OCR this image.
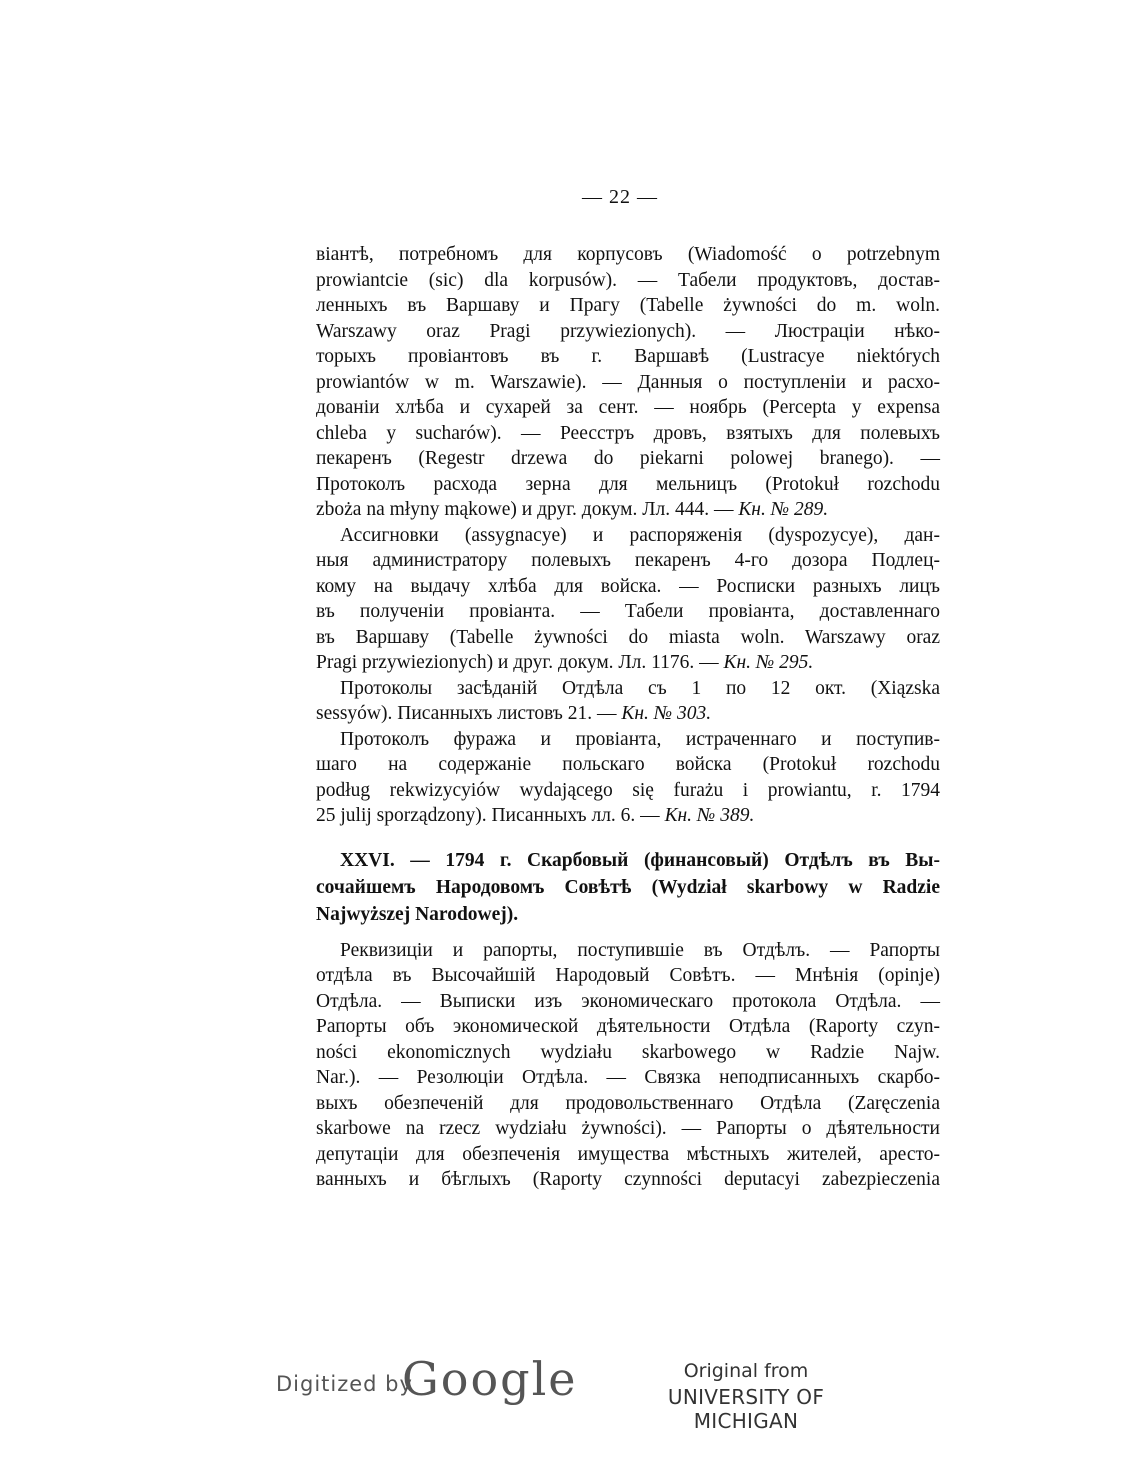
— 22 —
віантѣ, потребномъ для корпусовъ (Wiadomość o potrzebnym
prowiantcie (sic) dla korpusów). — Табели продуктовъ, достав-
ленныхъ въ Варшаву и Прагу (Tabelle żywności do m. woln.
Warszawy oraz Pragi przywiezionych). — Люстраціи нѣко-
торыхъ провіантовъ въ г. Варшавѣ (Lustracye niektórych
prowiantów w m. Warszawie). — Данныя о поступленіи и расхо-
дованіи хлѣба и сухарей за сент. — ноябрь (Percepta y expensa
chleba y sucharów). — Реесстръ дровъ, взятыхъ для полевыхъ
пекаренъ (Regestr drzewa do piekarni polowej branego). —
Протоколъ расхода зерна для мельницъ (Protokuł rozchodu
zboża na młyny mąkowe) и друг. докум. Лл. 444. — Кн. № 289.
Ассигновки (assygnacye) и распоряженія (dyspozycye), дан-
ныя администратору полевыхъ пекаренъ 4-го дозора Подлец-
кому на выдачу хлѣба для войска. — Росписки разныхъ лицъ
въ полученіи провіанта. — Табели провіанта, доставленнаго
въ Варшаву (Tabelle żywności do miasta woln. Warszawy oraz
Pragi przywiezionych) и друг. докум. Лл. 1176. — Кн. № 295.
Протоколы засѣданій Отдѣла съ 1 по 12 окт. (Xiązska
sessyów). Писанныхъ листовъ 21. — Кн. № 303.
Протоколъ фуража и провіанта, истраченнаго и поступив-
шаго на содержаніе польскаго войска (Protokuł rozchodu
podług rekwizycyiów wydającego się furażu i prowiantu, r. 1794
25 julij sporządzony). Писанныхъ лл. 6. — Кн. № 389.
XXVI. — 1794 г. Скарбовый (финансовый) Отдѣлъ въ Вы-
сочайшемъ Народовомъ Совѣтѣ (Wydział skarbowy w Radzie
Najwyższej Narodowej).
Реквизиціи и рапорты, поступившіе въ Отдѣлъ. — Рапорты
отдѣла въ Высочайшій Народовый Совѣтъ. — Мнѣнія (opinje)
Отдѣла. — Выписки изъ экономическаго протокола Отдѣла. —
Рапорты объ экономической дѣятельности Отдѣла (Raporty czyn-
ności ekonomicznych wydziału skarbowego w Radzie Najw.
Nar.). — Резолюціи Отдѣла. — Связка неподписанныхъ скарбо-
выхъ обезпеченій для продовольственнаго Отдѣла (Zaręczenia
skarbowe na rzecz wydziału żywności). — Рапорты о дѣятельности
депутаціи для обезпеченія имущества мѣстныхъ жителей, аресто-
ванныхъ и бѣглыхъ (Raporty czynności deputacyi zabezpieczenia
Digitized by
Google	Original from
UNIVERSITY OF MICHIGAN
